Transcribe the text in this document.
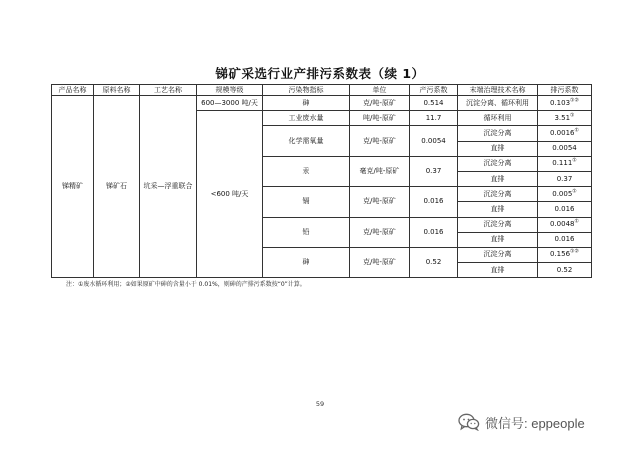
锑矿采选行业产排污系数表（续 1）
产品名称	原料名称	工艺名称	规模等级	污染物指标	单位	产污系数	末端治理技术名称	排污系数
锑精矿	锑矿石	坑采—浮重联合	600—3000 吨/天	砷	克/吨-原矿	0.514	沉淀分离、循环利用	0.103①②
			<600 吨/天	工业废水量	吨/吨-原矿	11.7	循环利用	3.51①
				化学需氧量	克/吨-原矿	0.0054	沉淀分离	0.0016①
							直排	0.0054
				汞	毫克/吨-原矿	0.37	沉淀分离	0.111①
							直排	0.37
				镉	克/吨-原矿	0.016	沉淀分离	0.005①
							直排	0.016
				铅	克/吨-原矿	0.016	沉淀分离	0.0048①
							直排	0.016
				砷	克/吨-原矿	0.52	沉淀分离	0.156①②
							直排	0.52
注：①废水循环利用；②如果原矿中砷的含量小于 0.01%，则砷的产排污系数按“0”计算。
59
微信号: eppeople
